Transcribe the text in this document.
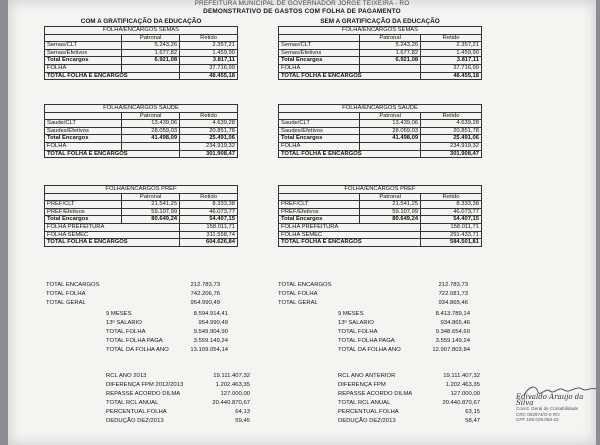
PREFEITURA MUNICIPAL DE GOVERNADOR JORGE TEIXEIRA - RO
DEMONSTRATIVO DE GASTOS COM FOLHA DE PAGAMENTO
COM A GRATIFICAÇÃO DA EDUCAÇÃO
FOLHA/ENCARGOS SEMAS		
	Patronal	Retido
Semas/CLT	5.243,26	2.357,21
Semas/Efetivos	1.677,82	1.459,90
Total Encargos	6.921,08	3.817,11
FOLHA		37.716,99
TOTAL FOLHA E ENCARGOS		48.455,18
FOLHA/ENCARGOS SAUDE		
	Patronal	Retido
Saude/CLT	13.439,06	4.639,28
Saudes/Efetivos	28.059,03	20.851,78
Total Encargos	41.498,09	25.491,06
FOLHA		234.919,32
TOTAL FOLHA E ENCARGOS		301.908,47
FOLHA/ENCARGOS PREF		
	Patronal	Retido
PREF/CLT	21.541,25	8.333,38
PREF/Efetivos	59.107,99	46.073,77
Total Encargos	80.649,24	54.407,15
FOLHA PREFEITURA		158.011,71
FOLHA SEMEC		311.558,74
TOTAL FOLHA E ENCARGOS		604.626,84
SEM A GRATIFICAÇÃO DA EDUCAÇÃO
FOLHA/ENCARGOS SEMAS		
	Patronal	Retido
Semas/CLT	5.243,26	2.357,21
Semas/Efetivos	1.677,82	1.459,90
Total Encargos	6.921,08	3.817,11
FOLHA		37.716,99
TOTAL FOLHA E ENCARGOS		48.455,18
FOLHA/ENCARGOS SAUDE		
	Patronal	Retido
Saude/CLT	13.439,06	4.639,28
Saudes/Efetivos	28.059,03	20.851,78
Total Encargos	41.498,09	25.491,06
FOLHA		234.919,32
TOTAL FOLHA E ENCARGOS		301.908,47
FOLHA/ENCARGOS PREF		
	Patronal	Retido
PREF/CLT	21.541,25	8.333,38
PREF/Efetivos	59.107,99	46.073,77
Total Encargos	80.649,24	54.407,15
FOLHA PREFEITURA		158.011,71
FOLHA SEMEC		291.433,71
TOTAL FOLHA E ENCARGOS		584.501,81
TOTAL ENCARGOS	212.783,73
TOTAL FOLHA	742.206,76
TOTAL GERAL	954.990,49
9 MESES	8.594.914,41
13º SALARIO	954.990,49
TOTAL FOLHA	9.549.904,90
TOTAL FOLHA PAGA	3.559.149,24
TOTAL DA FOLHA ANO	13.109.054,14
RCL ANO 2013	19.111.407,32
DIFERENÇA FPM 2012/2013	1.202.463,35
REPASSE ACORDO DILMA	127.000,00
TOTAL RCL ANUAL	20.440.870,67
PERCENTUAL FOLHA	64,13
DEDUÇÃO DEZ/2013	59,45
TOTAL ENCARGOS	212.783,73
TOTAL FOLHA	722.081,73
TOTAL GERAL	934.865,46
9 MESES	8.413.789,14
13º SALARIO	934.865,46
TOTAL FOLHA	9.348.654,60
TOTAL FOLHA PAGA	3.559.149,24
TOTAL DA FOLHA ANO	12.907.803,84
RCL ANO ANTERIOR	19.111.407,32
DIFERENÇA FPM	1.202.463,35
REPASSE ACORDO DILMA	127.000,00
TOTAL RCL ANUAL	20.440.870,67
PERCENTUAL FOLHA	63,15
DEDUÇÃO DEZ/2013	58,47
Edivaldo Araujo da Silva
Coord. Geral de Contabilidade
CRC 002974/O-0 RO
CPF 190.028.058-22
